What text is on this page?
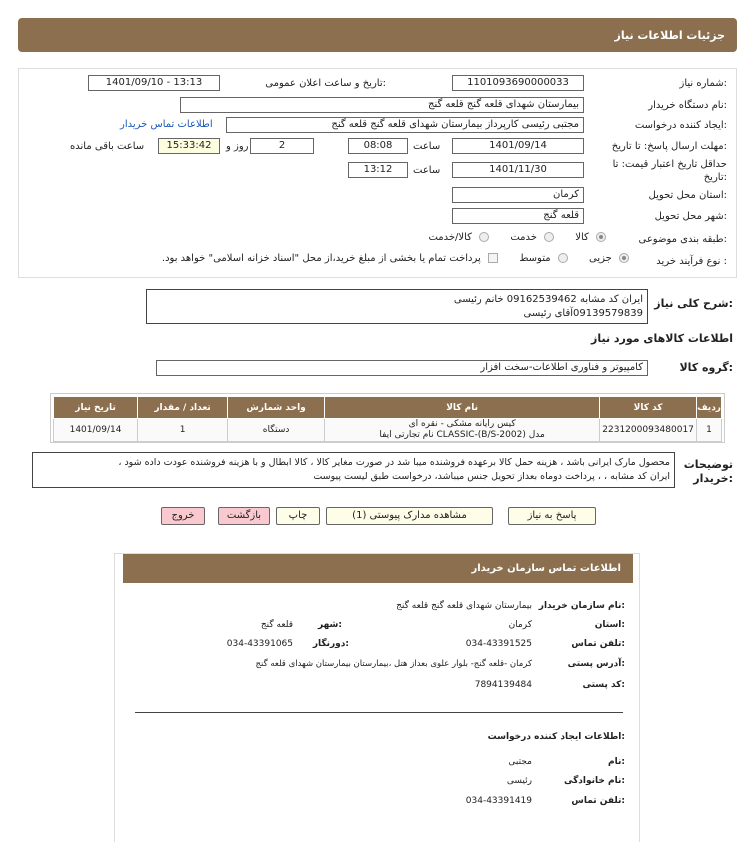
جزئیات اطلاعات نیاز
شماره نیاز:
1101093690000033
تاریخ و ساعت اعلان عمومی:
1401/09/10 - 13:13
نام دستگاه خریدار:
بیمارستان شهدای قلعه گنج قلعه گنج
ایجاد کننده درخواست:
مجتبی رئیسی کارپرداز بیمارستان شهدای قلعه گنج قلعه گنج
اطلاعات تماس خریدار
مهلت ارسال پاسخ: تا تاریخ:
1401/09/14
ساعت
08:08
2
روز و
15:33:42
ساعت باقی مانده
حداقل تاریخ اعتبار قیمت: تا تاریخ:
1401/11/30
ساعت
13:12
استان محل تحویل:
کرمان
شهر محل تحویل:
قلعه گنج
طبقه بندی موضوعی:
کالا  خدمت  کالا/خدمت
نوع فرآیند خرید :
جزیی  متوسط  پرداخت تمام یا بخشی از مبلغ خرید،از محل "اسناد خزانه اسلامی" خواهد بود.
شرح کلی نیاز:
ایران کد مشابه 09162539462 خانم رئیسی
09139579839آقای رئیسی
اطلاعات کالاهای مورد نیاز
گروه کالا:
کامپیوتر و فناوری اطلاعات-سخت افزار
ردیف	کد کالا	نام کالا	واحد شمارش	تعداد / مقدار	تاریخ نیاز
1	2231200093480017	کیس رایانه مشکی - نقره ای
مدل CLASSIC-(B/S-2002) نام تجارتی ایفا	دستگاه	1	1401/09/14
توضیحات خریدار:
محصول مارک ایرانی باشد ، هزینه حمل کالا برعهده فروشنده میبا شد در صورت مغایر کالا ، کالا ابطال و با هزینه فروشنده عودت داده شود ،
ایران کد مشابه ، ، پرداخت دوماه بعداز تحویل جنس میباشد، درخواست طبق لیست پیوست
پاسخ به نیاز
مشاهده مدارک پیوستی (1)
چاپ
بازگشت
خروج
اطلاعات تماس سازمان خریدار
نام سازمان خریدار:
بیمارستان شهدای قلعه گنج قلعه گنج
استان:
کرمان
شهر:
قلعه گنج
تلفن تماس:
034-43391525
دورنگار:
034-43391065
آدرس پستی:
کرمان -قلعه گنج- بلوار علوی بعداز هتل ،بیمارستان بیمارستان شهدای قلعه گنج
کد پستی:
7894139484
اطلاعات ایجاد کننده درخواست:
نام:
مجتبی
نام خانوادگی:
رئیسی
تلفن تماس:
034-43391419
